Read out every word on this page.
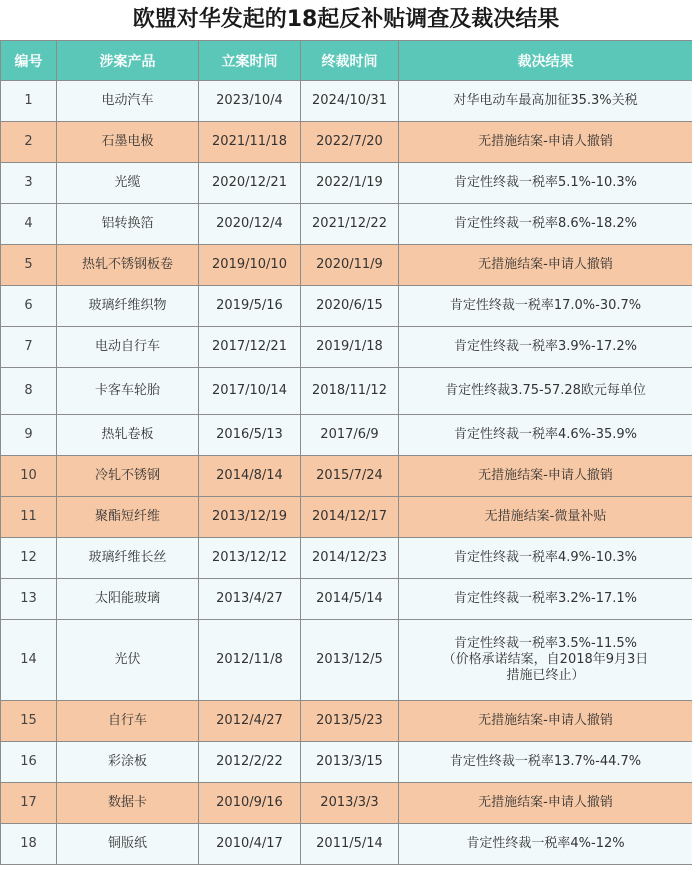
欧盟对华发起的18起反补贴调查及裁决结果
编号	涉案产品	立案时间	终裁时间	裁决结果
1	电动汽车	2023/10/4	2024/10/31	对华电动车最高加征35.3%关税

2	石墨电极	2021/11/18	2022/7/20	无措施结案-申请人撤销

3	光缆	2020/12/21	2022/1/19	肯定性终裁一税率5.1%-10.3%

4	铝转换箔	2020/12/4	2021/12/22	肯定性终裁一税率8.6%-18.2%

5	热轧不锈钢板卷	2019/10/10	2020/11/9	无措施结案-申请人撤销

6	玻璃纤维织物	2019/5/16	2020/6/15	肯定性终裁一税率17.0%-30.7%

7	电动自行车	2017/12/21	2019/1/18	肯定性终裁一税率3.9%-17.2%

8	卡客车轮胎	2017/10/14	2018/11/12	肯定性终裁3.75-57.28欧元每单位

9	热轧卷板	2016/5/13	2017/6/9	肯定性终裁一税率4.6%-35.9%

10	冷轧不锈钢	2014/8/14	2015/7/24	无措施结案-申请人撤销

11	聚酯短纤维	2013/12/19	2014/12/17	无措施结案-微量补贴

12	玻璃纤维长丝	2013/12/12	2014/12/23	肯定性终裁一税率4.9%-10.3%

13	太阳能玻璃	2013/4/27	2014/5/14	肯定性终裁一税率3.2%-17.1%

14	光伏	2012/11/8	2013/12/5	肯定性终裁一税率3.5%-11.5%
（价格承诺结案，自2018年9月3日
措施已终止）

15	自行车	2012/4/27	2013/5/23	无措施结案-申请人撤销

16	彩涂板	2012/2/22	2013/3/15	肯定性终裁一税率13.7%-44.7%

17	数据卡	2010/9/16	2013/3/3	无措施结案-申请人撤销

18	铜版纸	2010/4/17	2011/5/14	肯定性终裁一税率4%-12%
